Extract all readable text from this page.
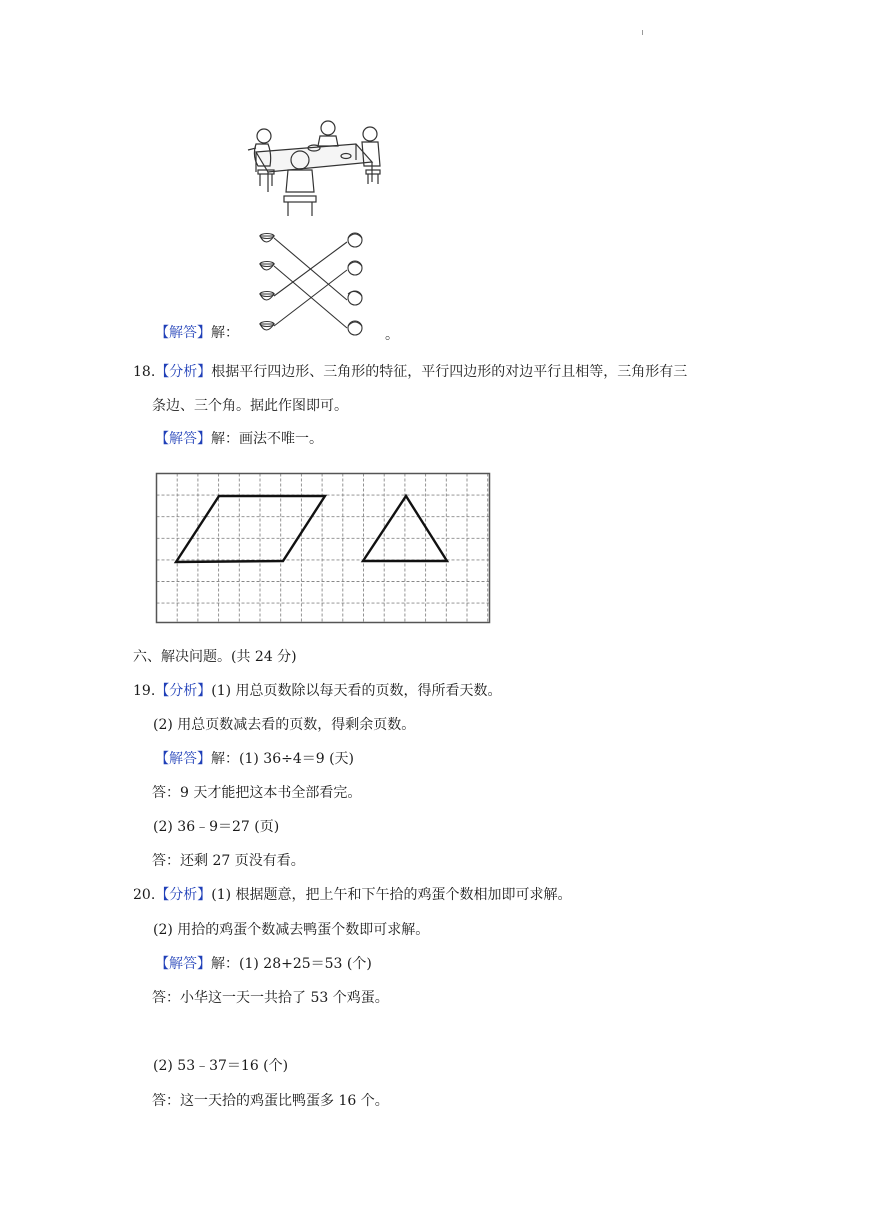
【解答】解：	。
18.【分析】根据平行四边形、三角形的特征，平行四边形的对边平行且相等，三角形有三
条边、三个角。据此作图即可。
【解答】解：画法不唯一。
六、解决问题。(共 24 分)
19.【分析】(1) 用总页数除以每天看的页数，得所看天数。
(2) 用总页数减去看的页数，得剩余页数。
【解答】解：(1) 36÷4＝9 (天)
答：9 天才能把这本书全部看完。
(2) 36﹣9＝27 (页)
答：还剩 27 页没有看。
20.【分析】(1) 根据题意，把上午和下午拾的鸡蛋个数相加即可求解。
(2) 用拾的鸡蛋个数减去鸭蛋个数即可求解。
【解答】解：(1) 28+25＝53 (个)
答：小华这一天一共拾了 53 个鸡蛋。
(2) 53﹣37＝16 (个)
答：这一天拾的鸡蛋比鸭蛋多 16 个。
